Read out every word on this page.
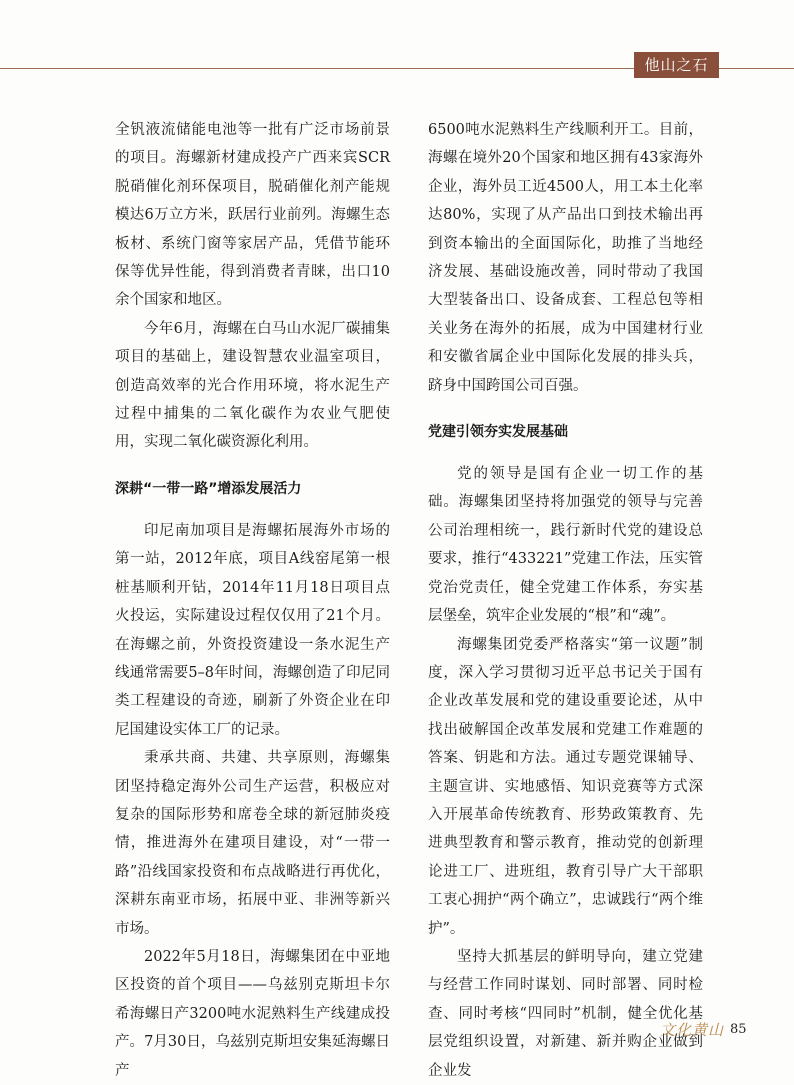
他山之石

全钒液流储能电池等一批有广泛市场前景的项目。海螺新材建成投产广西来宾SCR脱硝催化剂环保项目，脱硝催化剂产能规模达6万立方米，跃居行业前列。海螺生态板材、系统门窗等家居产品，凭借节能环保等优异性能，得到消费者青睐，出口10余个国家和地区。

今年6月，海螺在白马山水泥厂碳捕集项目的基础上，建设智慧农业温室项目，创造高效率的光合作用环境，将水泥生产过程中捕集的二氧化碳作为农业气肥使用，实现二氧化碳资源化利用。

深耕“一带一路”增添发展活力

印尼南加项目是海螺拓展海外市场的第一站，2012年底，项目A线窑尾第一根桩基顺利开钻，2014年11月18日项目点火投运，实际建设过程仅仅用了21个月。在海螺之前，外资投资建设一条水泥生产线通常需要5–8年时间，海螺创造了印尼同类工程建设的奇迹，刷新了外资企业在印尼国建设实体工厂的记录。

秉承共商、共建、共享原则，海螺集团坚持稳定海外公司生产运营，积极应对复杂的国际形势和席卷全球的新冠肺炎疫情，推进海外在建项目建设，对“一带一路”沿线国家投资和布点战略进行再优化，深耕东南亚市场，拓展中亚、非洲等新兴市场。

2022年5月18日，海螺集团在中亚地区投资的首个项目——乌兹别克斯坦卡尔希海螺日产3200吨水泥熟料生产线建成投产。7月30日，乌兹别克斯坦安集延海螺日产

6500吨水泥熟料生产线顺利开工。目前，海螺在境外20个国家和地区拥有43家海外企业，海外员工近4500人，用工本土化率达80%，实现了从产品出口到技术输出再到资本输出的全面国际化，助推了当地经济发展、基础设施改善，同时带动了我国大型装备出口、设备成套、工程总包等相关业务在海外的拓展，成为中国建材行业和安徽省属企业中国际化发展的排头兵，跻身中国跨国公司百强。

党建引领夯实发展基础

党的领导是国有企业一切工作的基础。海螺集团坚持将加强党的领导与完善公司治理相统一，践行新时代党的建设总要求，推行“433221”党建工作法，压实管党治党责任，健全党建工作体系，夯实基层堡垒，筑牢企业发展的“根”和“魂”。

海螺集团党委严格落实“第一议题”制度，深入学习贯彻习近平总书记关于国有企业改革发展和党的建设重要论述，从中找出破解国企改革发展和党建工作难题的答案、钥匙和方法。通过专题党课辅导、主题宣讲、实地感悟、知识竞赛等方式深入开展革命传统教育、形势政策教育、先进典型教育和警示教育，推动党的创新理论进工厂、进班组，教育引导广大干部职工衷心拥护“两个确立”，忠诚践行“两个维护”。

坚持大抓基层的鲜明导向，建立党建与经营工作同时谋划、同时部署、同时检查、同时考核“四同时”机制，健全优化基层党组织设置，对新建、新并购企业做到企业发

文化黄山 85
